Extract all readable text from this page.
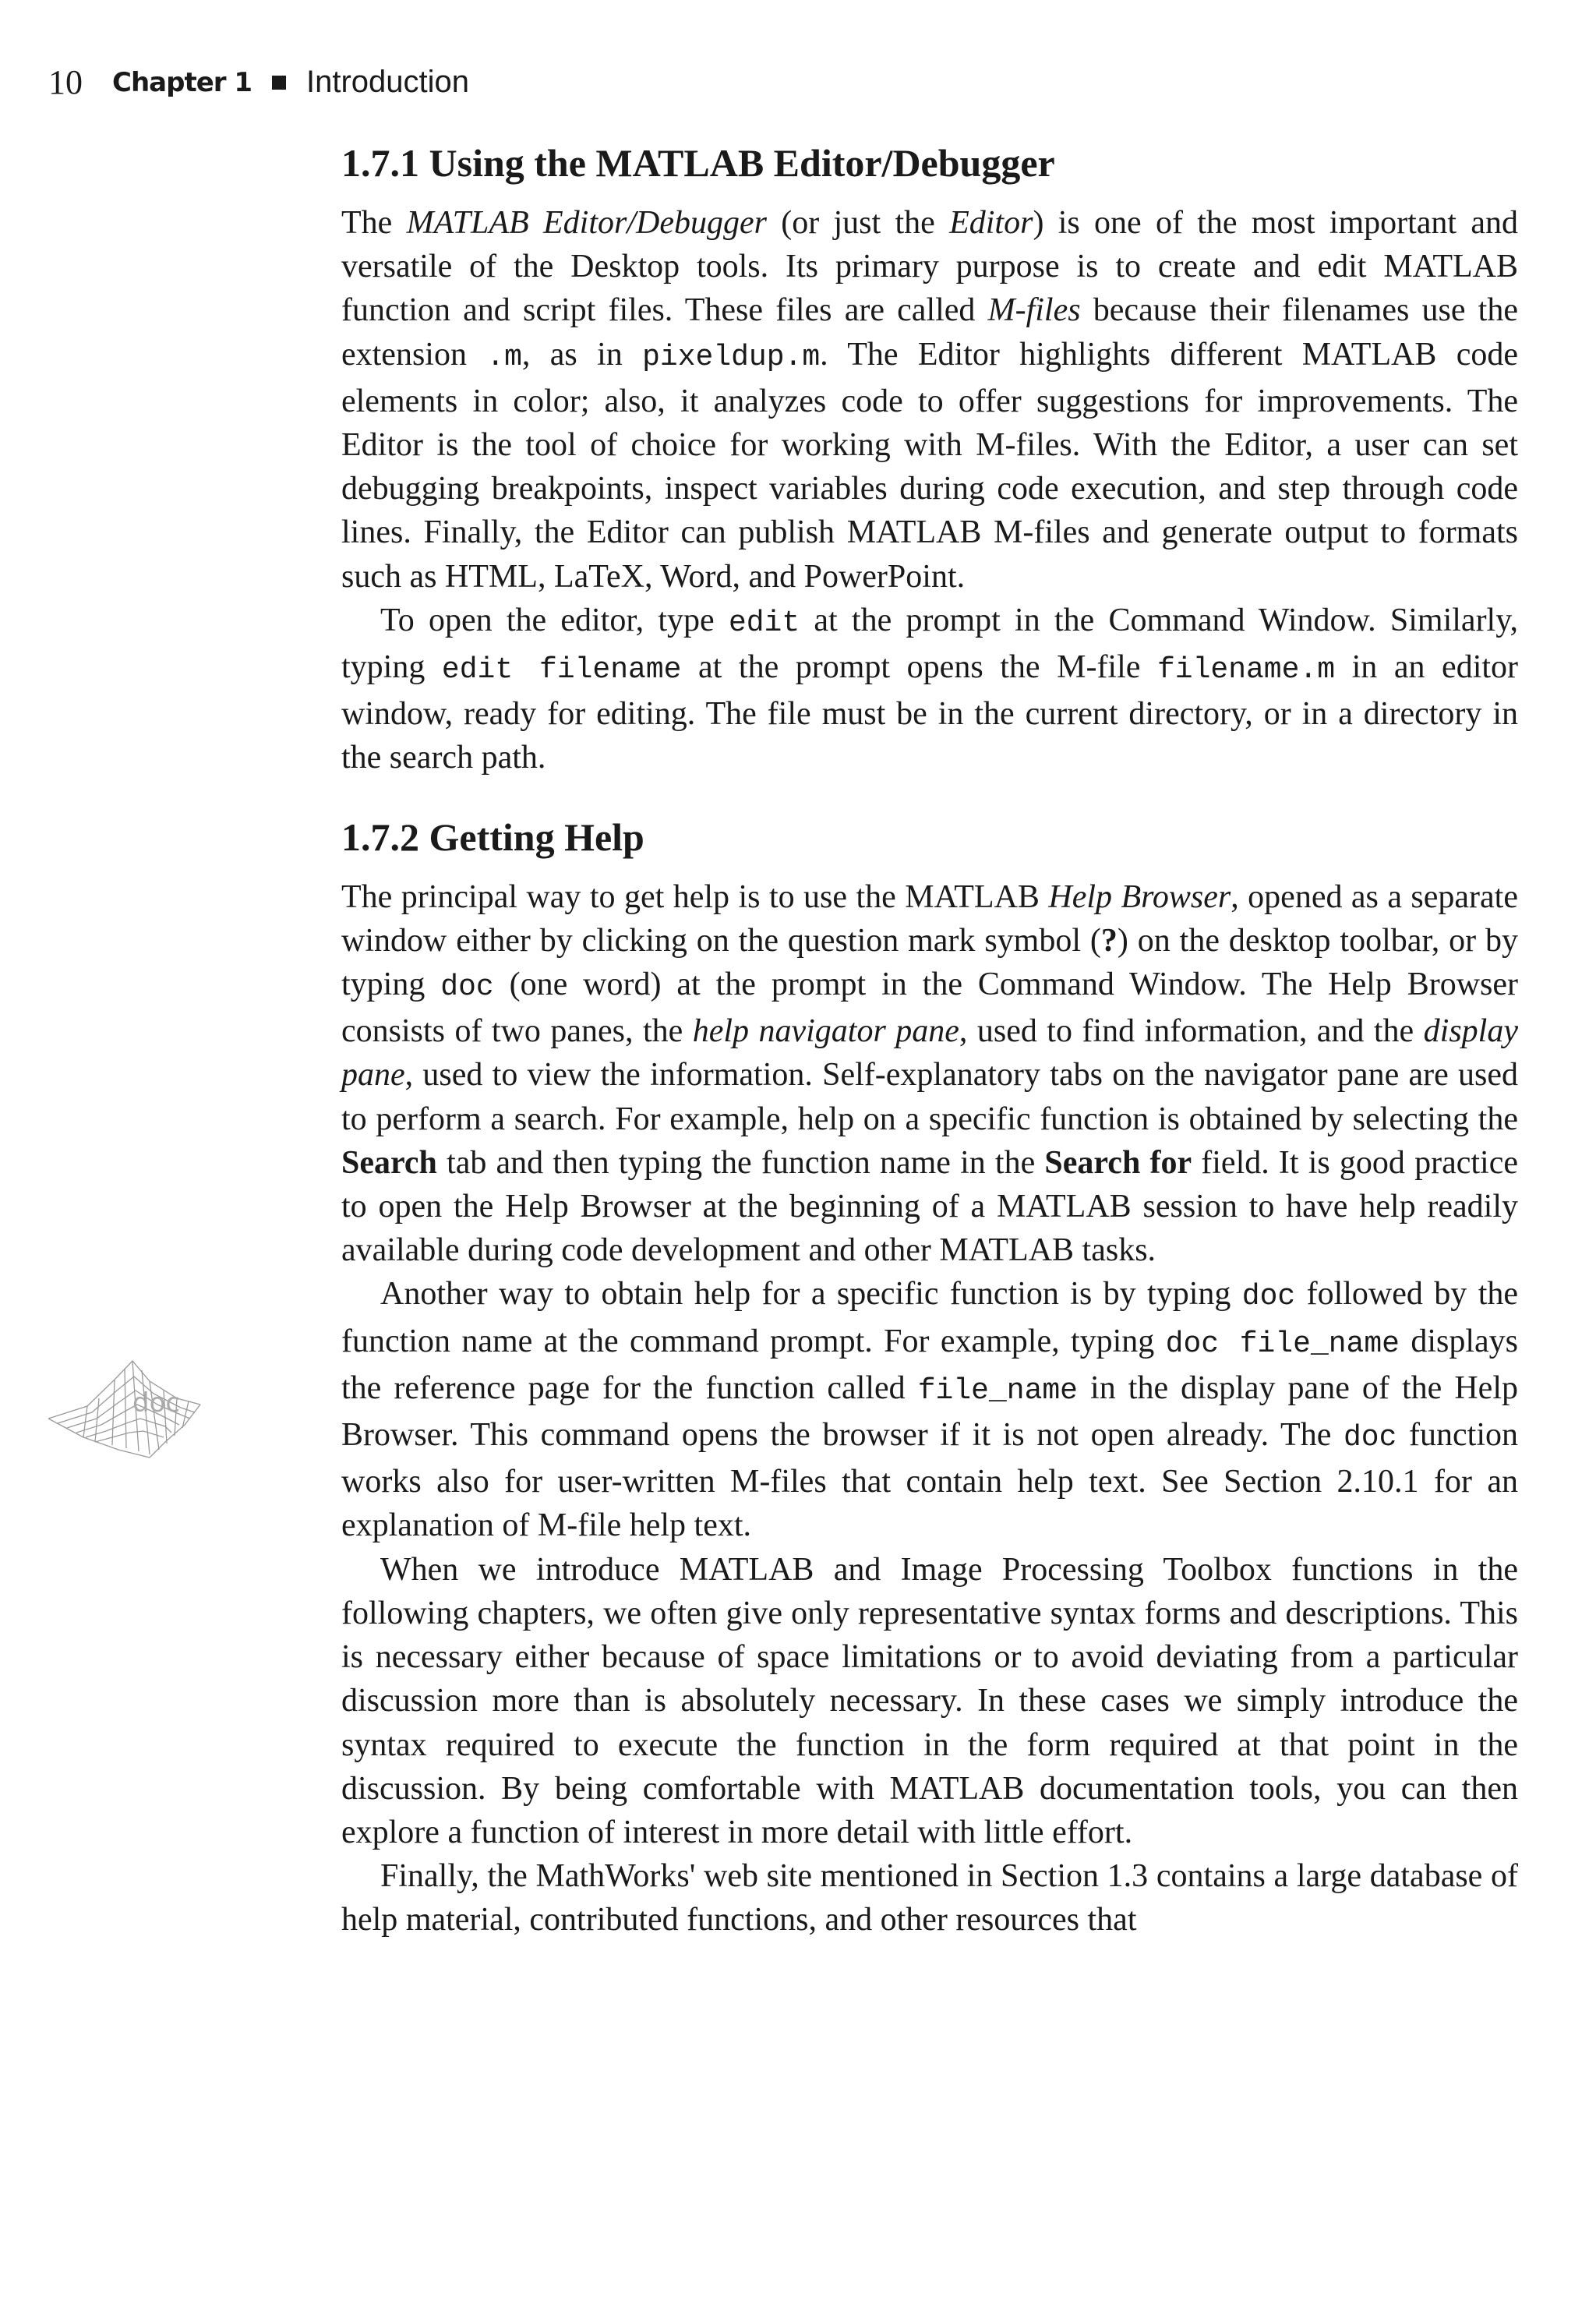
10 Chapter 1 Introduction
doc
1.7.1 Using the MATLAB Editor/Debugger

The MATLAB Editor/Debugger (or just the Editor) is one of the most important and versatile of the Desktop tools. Its primary purpose is to create and edit MATLAB function and script files. These files are called M-files because their filenames use the extension .m, as in pixeldup.m. The Editor highlights different MATLAB code elements in color; also, it analyzes code to offer suggestions for improvements. The Editor is the tool of choice for working with M-files. With the Editor, a user can set debugging breakpoints, inspect variables during code execution, and step through code lines. Finally, the Editor can publish MATLAB M-files and generate output to formats such as HTML, LaTeX, Word, and PowerPoint.

To open the editor, type edit at the prompt in the Command Window. Similarly, typing edit filename at the prompt opens the M-file filename.m in an editor window, ready for editing. The file must be in the current directory, or in a directory in the search path.

1.7.2 Getting Help

The principal way to get help is to use the MATLAB Help Browser, opened as a separate window either by clicking on the question mark symbol (?) on the desktop toolbar, or by typing doc (one word) at the prompt in the Command Window. The Help Browser consists of two panes, the help navigator pane, used to find information, and the display pane, used to view the information. Self-explanatory tabs on the navigator pane are used to perform a search. For example, help on a specific function is obtained by selecting the Search tab and then typing the function name in the Search for field. It is good practice to open the Help Browser at the beginning of a MATLAB session to have help readily available during code development and other MATLAB tasks.

Another way to obtain help for a specific function is by typing doc followed by the function name at the command prompt. For example, typing doc file_name displays the reference page for the function called file_name in the display pane of the Help Browser. This command opens the browser if it is not open already. The doc function works also for user-written M-files that contain help text. See Section 2.10.1 for an explanation of M-file help text.

When we introduce MATLAB and Image Processing Toolbox functions in the following chapters, we often give only representative syntax forms and descriptions. This is necessary either because of space limitations or to avoid deviating from a particular discussion more than is absolutely necessary. In these cases we simply introduce the syntax required to execute the function in the form required at that point in the discussion. By being comfortable with MATLAB documentation tools, you can then explore a function of interest in more detail with little effort.

Finally, the MathWorks' web site mentioned in Section 1.3 contains a large database of help material, contributed functions, and other resources that
